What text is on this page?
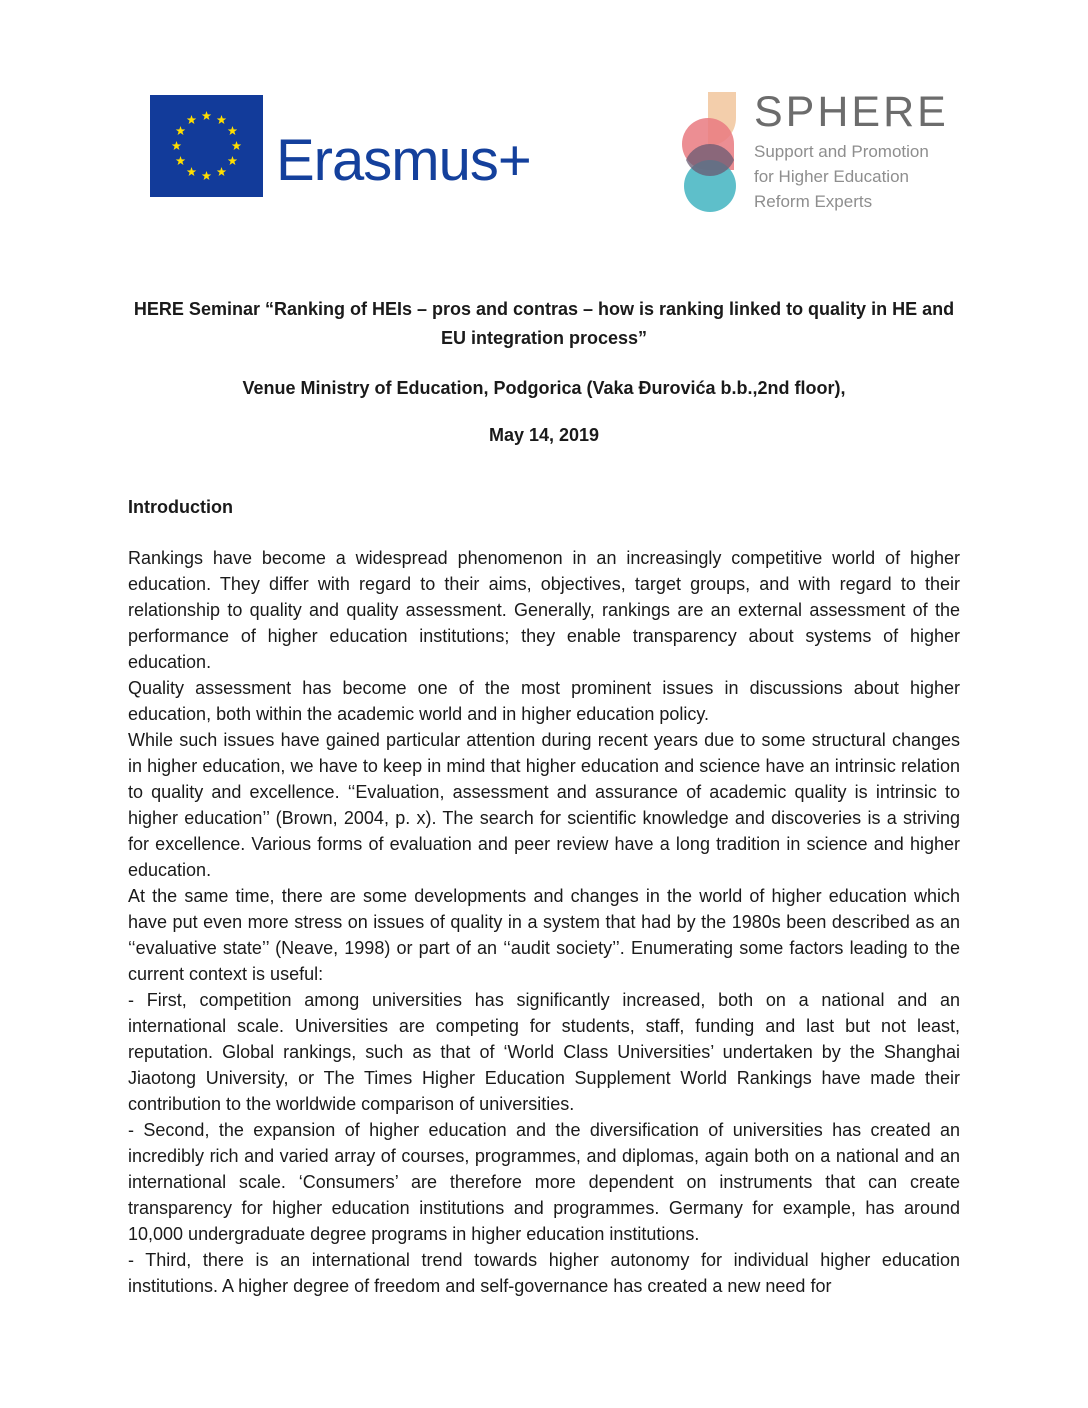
Erasmus+
SPHERE
Support and Promotion
for Higher Education
Reform Experts
HERE Seminar “Ranking of HEIs – pros and contras – how is ranking linked to quality in HE and EU integration process”
Venue Ministry of Education, Podgorica (Vaka Đurovića b.b.,2nd floor),
May 14, 2019
Introduction

Rankings have become a widespread phenomenon in an increasingly competitive world of higher education. They differ with regard to their aims, objectives, target groups, and with regard to their relationship to quality and quality assessment. Generally, rankings are an external assessment of the performance of higher education institutions; they enable transparency about systems of higher education.

Quality assessment has become one of the most prominent issues in discussions about higher education, both within the academic world and in higher education policy.

While such issues have gained particular attention during recent years due to some structural changes in higher education, we have to keep in mind that higher education and science have an intrinsic relation to quality and excellence. ‘‘Evaluation, assessment and assurance of academic quality is intrinsic to higher education’’ (Brown, 2004, p. x). The search for scientific knowledge and discoveries is a striving for excellence. Various forms of evaluation and peer review have a long tradition in science and higher education.

At the same time, there are some developments and changes in the world of higher education which have put even more stress on issues of quality in a system that had by the 1980s been described as an ‘‘evaluative state’’ (Neave, 1998) or part of an ‘‘audit society’’. Enumerating some factors leading to the current context is useful:

- First, competition among universities has significantly increased, both on a national and an international scale. Universities are competing for students, staff, funding and last but not least, reputation. Global rankings, such as that of ‘World Class Universities’ undertaken by the Shanghai Jiaotong University, or The Times Higher Education Supplement World Rankings have made their contribution to the worldwide comparison of universities.

- Second, the expansion of higher education and the diversification of universities has created an incredibly rich and varied array of courses, programmes, and diplomas, again both on a national and an international scale. ‘Consumers’ are therefore more dependent on instruments that can create transparency for higher education institutions and programmes. Germany for example, has around 10,000 undergraduate degree programs in higher education institutions.

- Third, there is an international trend towards higher autonomy for individual higher education institutions. A higher degree of freedom and self-governance has created a new need for
